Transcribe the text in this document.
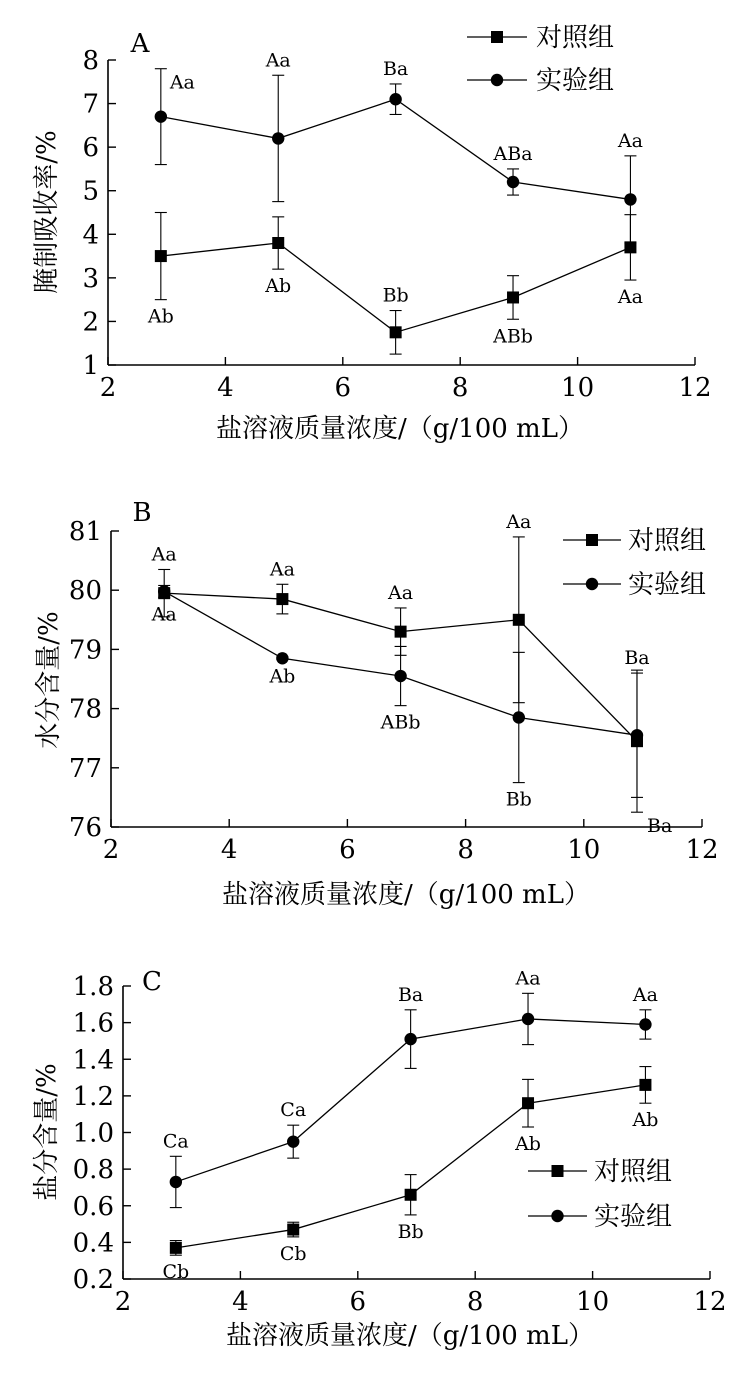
2	4	6	8	10	12
1
2
3
4
5
6
7
8
A
盐溶液质量浓度/（g/100 mL）
腌制吸收率/%
Ab
Ab	Bb
ABb
Aa
对照组
Aa
Aa	Ba
ABa
Aa
实验组
2	4	6	8	10	12
76
77
78
79
80
81
B
盐溶液质量浓度/（g/100 mL）
水分含量/%
Aa
Aa
Aa
Aa
Ba
对照组
Aa
Ab
ABb
Bb
Ba
实验组
2	4	6	8	10	12
0.2
0.4
0.6
0.8
1.0
1.2
1.4
1.6
1.8 C
盐溶液质量浓度/（g/100 mL）
盐分含量/%
Cb
Cb
Bb
Ab
Ab
对照组
Ca
Ca
Ba
Aa
Aa
实验组
